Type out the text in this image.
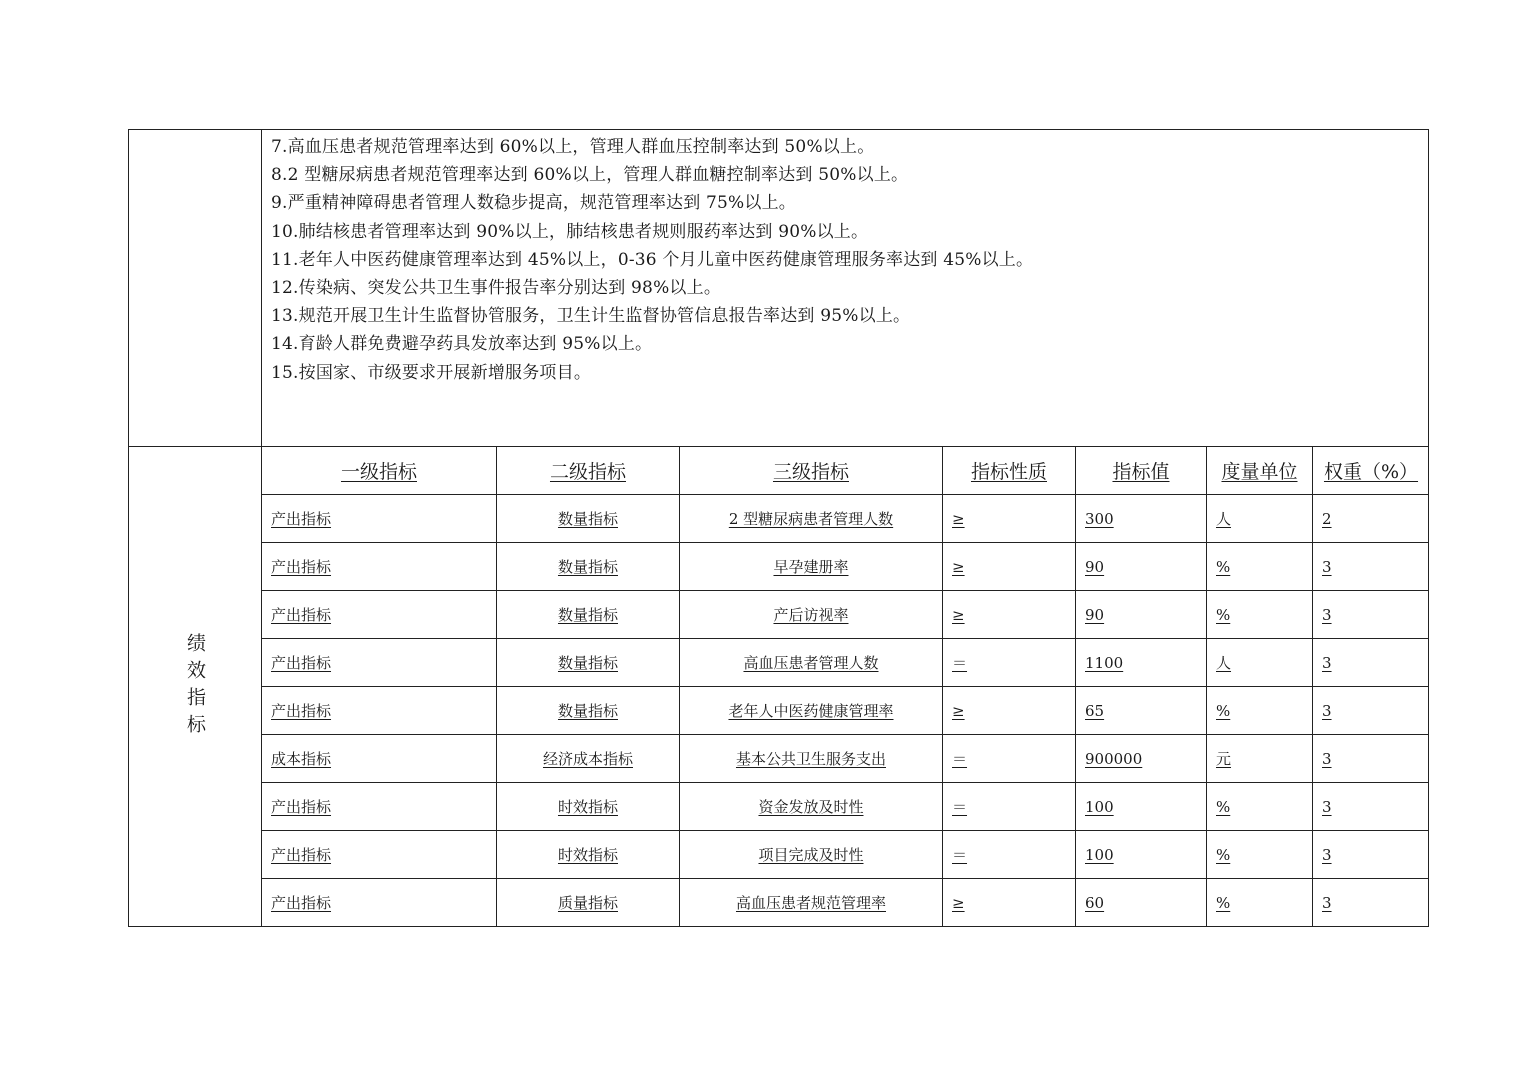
7.高血压患者规范管理率达到 60%以上，管理人群血压控制率达到 50%以上。
8.2 型糖尿病患者规范管理率达到 60%以上，管理人群血糖控制率达到 50%以上。
9.严重精神障碍患者管理人数稳步提高，规范管理率达到 75%以上。
10.肺结核患者管理率达到 90%以上，肺结核患者规则服药率达到 90%以上。
11.老年人中医药健康管理率达到 45%以上，0-36 个月儿童中医药健康管理服务率达到 45%以上。
12.传染病、突发公共卫生事件报告率分别达到 98%以上。
13.规范开展卫生计生监督协管服务，卫生计生监督协管信息报告率达到 95%以上。
14.育龄人群免费避孕药具发放率达到 95%以上。
15.按国家、市级要求开展新增服务项目。
绩效指标
一级指标	二级指标	三级指标	指标性质	指标值	度量单位	权重（%）
产出指标	数量指标	2 型糖尿病患者管理人数	≥	300	人	2
产出指标	数量指标	早孕建册率	≥	90	%	3
产出指标	数量指标	产后访视率	≥	90	%	3
产出指标	数量指标	高血压患者管理人数	＝	1100	人	3
产出指标	数量指标	老年人中医药健康管理率	≥	65	%	3
成本指标	经济成本指标	基本公共卫生服务支出	＝	900000	元	3
产出指标	时效指标	资金发放及时性	＝	100	%	3
产出指标	时效指标	项目完成及时性	＝	100	%	3
产出指标	质量指标	高血压患者规范管理率	≥	60	%	3
